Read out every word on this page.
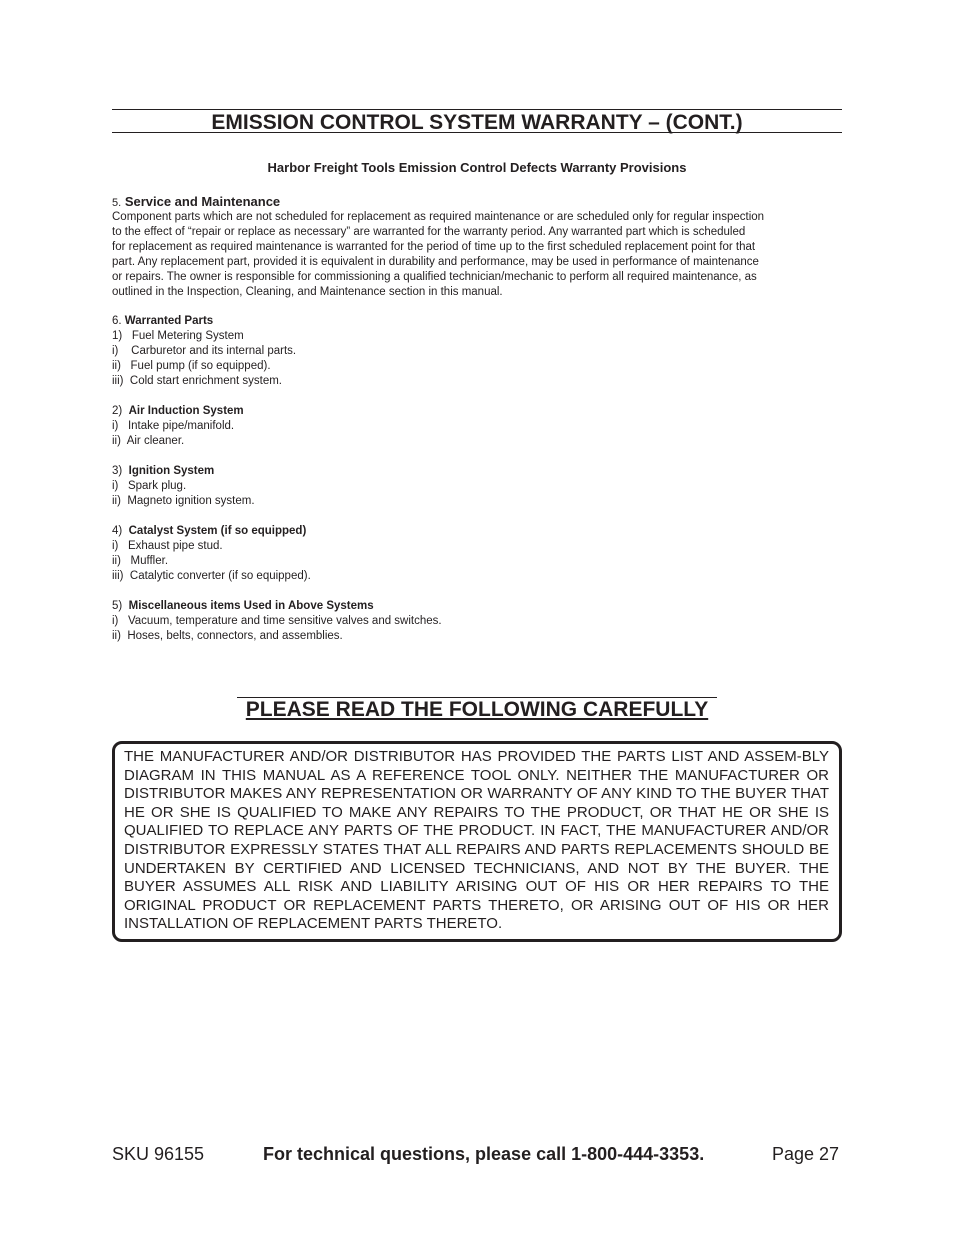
EMISSION CONTROL SYSTEM WARRANTY – (CONT.)
Harbor Freight Tools Emission Control Defects Warranty Provisions
5. Service and Maintenance
Component parts which are not scheduled for replacement as required maintenance or are scheduled only for regular inspection
to the effect of “repair or replace as necessary” are warranted for the warranty period. Any warranted part which is scheduled
for replacement as required maintenance is warranted for the period of time up to the first scheduled replacement point for that
part. Any replacement part, provided it is equivalent in durability and performance, may be used in performance of maintenance
or repairs. The owner is responsible for commissioning a qualified technician/mechanic to perform all required maintenance, as
outlined in the Inspection, Cleaning, and Maintenance section in this manual.
6. Warranted Parts
1) Fuel Metering System
i)    Carburetor and its internal parts.
ii)   Fuel pump (if so equipped).
iii)  Cold start enrichment system.
2) Air Induction System
i)   Intake pipe/manifold.
ii)  Air cleaner.
3) Ignition System
i)   Spark plug.
ii)  Magneto ignition system.
4) Catalyst System (if so equipped)
i)   Exhaust pipe stud.
ii)   Muffler.
iii)  Catalytic converter (if so equipped).
5) Miscellaneous items Used in Above Systems
i)   Vacuum, temperature and time sensitive valves and switches.
ii)  Hoses, belts, connectors, and assemblies.
PLEASE READ THE FOLLOWING CAREFULLY
THE MANUFACTURER AND/OR DISTRIBUTOR HAS PROVIDED THE PARTS LIST AND ASSEM-BLY DIAGRAM IN THIS MANUAL AS A REFERENCE TOOL ONLY. NEITHER THE MANUFACTURER OR DISTRIBUTOR MAKES ANY REPRESENTATION OR WARRANTY OF ANY KIND TO THE BUYER THAT HE OR SHE IS QUALIFIED TO MAKE ANY REPAIRS TO THE PRODUCT, OR THAT HE OR SHE IS QUALIFIED TO REPLACE ANY PARTS OF THE PRODUCT. IN FACT, THE MANUFACTURER AND/OR DISTRIBUTOR EXPRESSLY STATES THAT ALL REPAIRS AND PARTS REPLACEMENTS SHOULD BE UNDERTAKEN BY CERTIFIED AND LICENSED TECHNICIANS, AND NOT BY THE BUYER. THE BUYER ASSUMES ALL RISK AND LIABILITY ARISING OUT OF HIS OR HER REPAIRS TO THE ORIGINAL PRODUCT OR REPLACEMENT PARTS THERETO, OR ARISING OUT OF HIS OR HER INSTALLATION OF REPLACEMENT PARTS THERETO.
SKU 96155	For technical questions, please call 1-800-444-3353.	Page 27
